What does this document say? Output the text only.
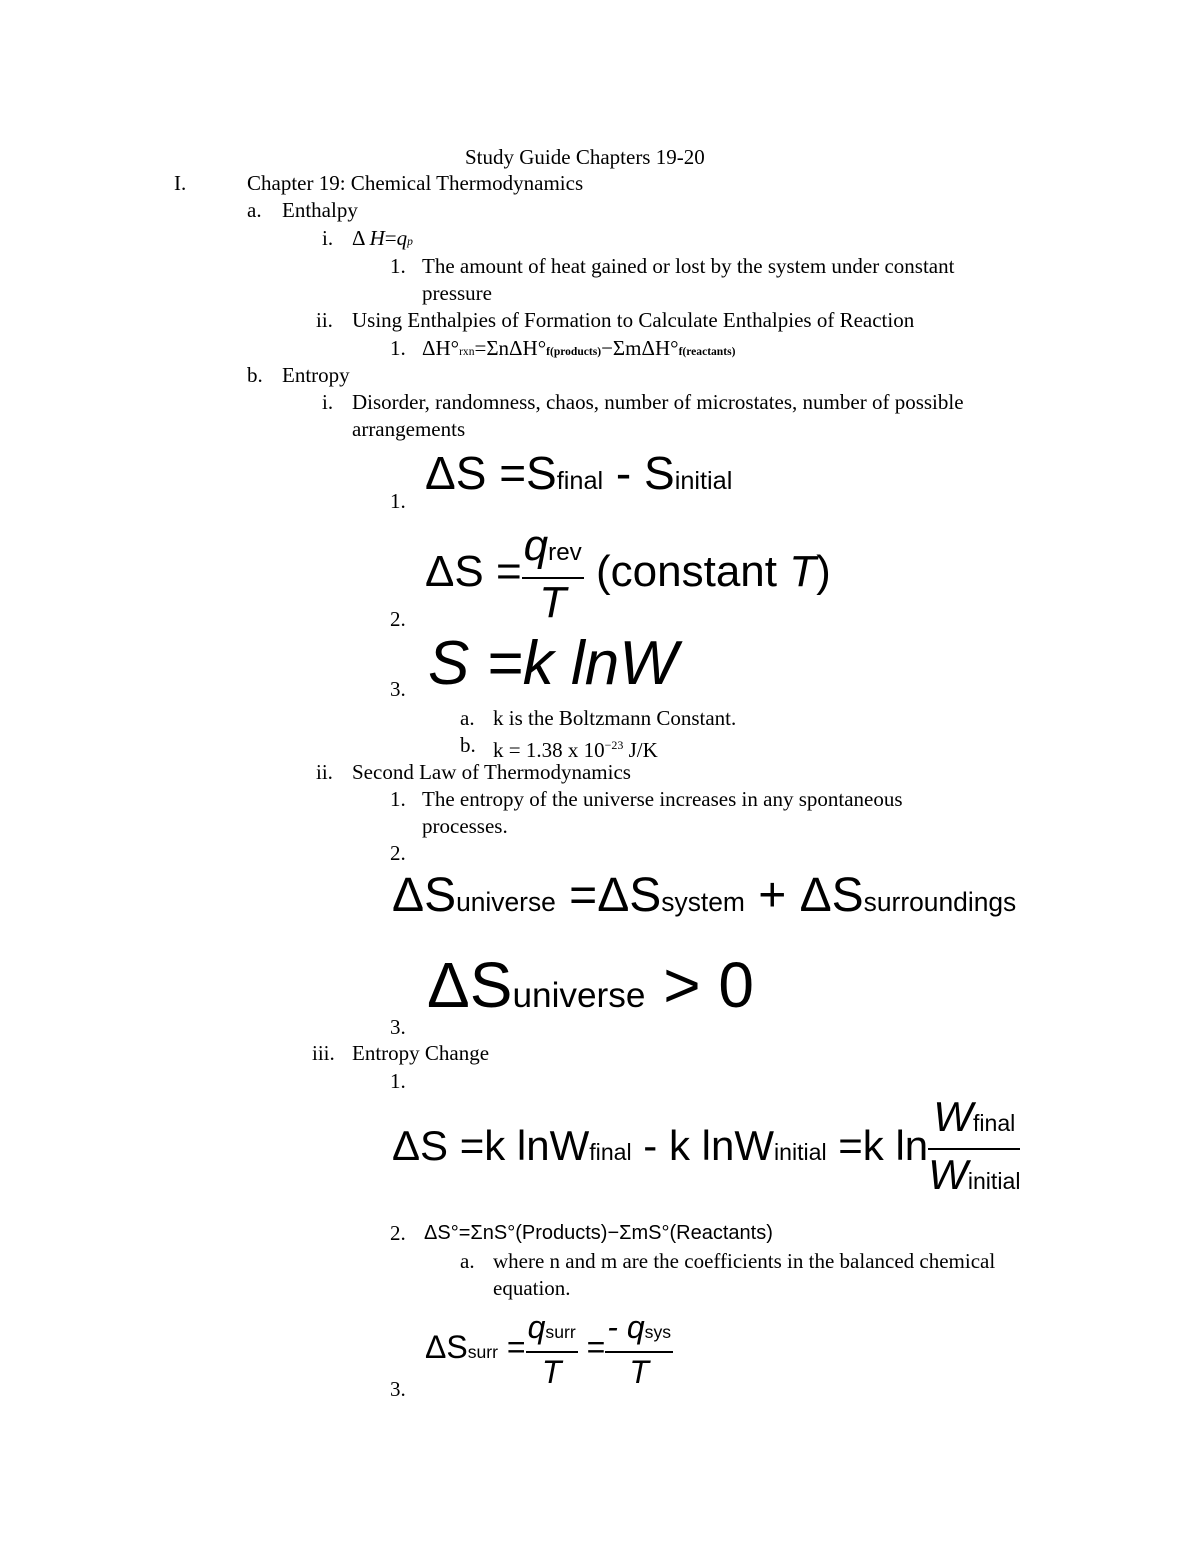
Study Guide Chapters 19-20
I.	Chapter 19: Chemical Thermodynamics
a. Enthalpy
i. Δ H=qp
1. The amount of heat gained or lost by the system under constant
pressure
ii. Using Enthalpies of Formation to Calculate Enthalpies of Reaction
1. ΔH°rxn=ΣnΔH°f(products)−ΣmΔH°f(reactants)
b. Entropy
i. Disorder, randomness, chaos, number of microstates, number of possible
arrangements
1.
ΔS =Sfinal - Sinitial
2.
$\Delta S = \frac{\text{qrev}}{T}$ (constant T)
3. S =k lnW
a. k is the Boltzmann Constant.
b. k = 1.38 x $10^{-23}$ J/K
ii. Second Law of Thermodynamics
1. The entropy of the universe increases in any spontaneous
processes.
2.
ΔSuniverse =ΔSsystem + ΔSsurroundings
3.
ΔSuniverse > 0
iii. Entropy Change
1.
ΔS =k lnWfinal - k lnWinitial =k $\ln \frac{\text{Wfinal}}{\text{Winitial}}$
2. ΔS°=ΣnS°(Products)−ΣmS°(Reactants)
a. where n and m are the coefficients in the balanced chemical
equation.
3.
ΔSsurr = $\frac{\text{qsurr}}{T} = \frac{\text{- qsys}}{T}$
